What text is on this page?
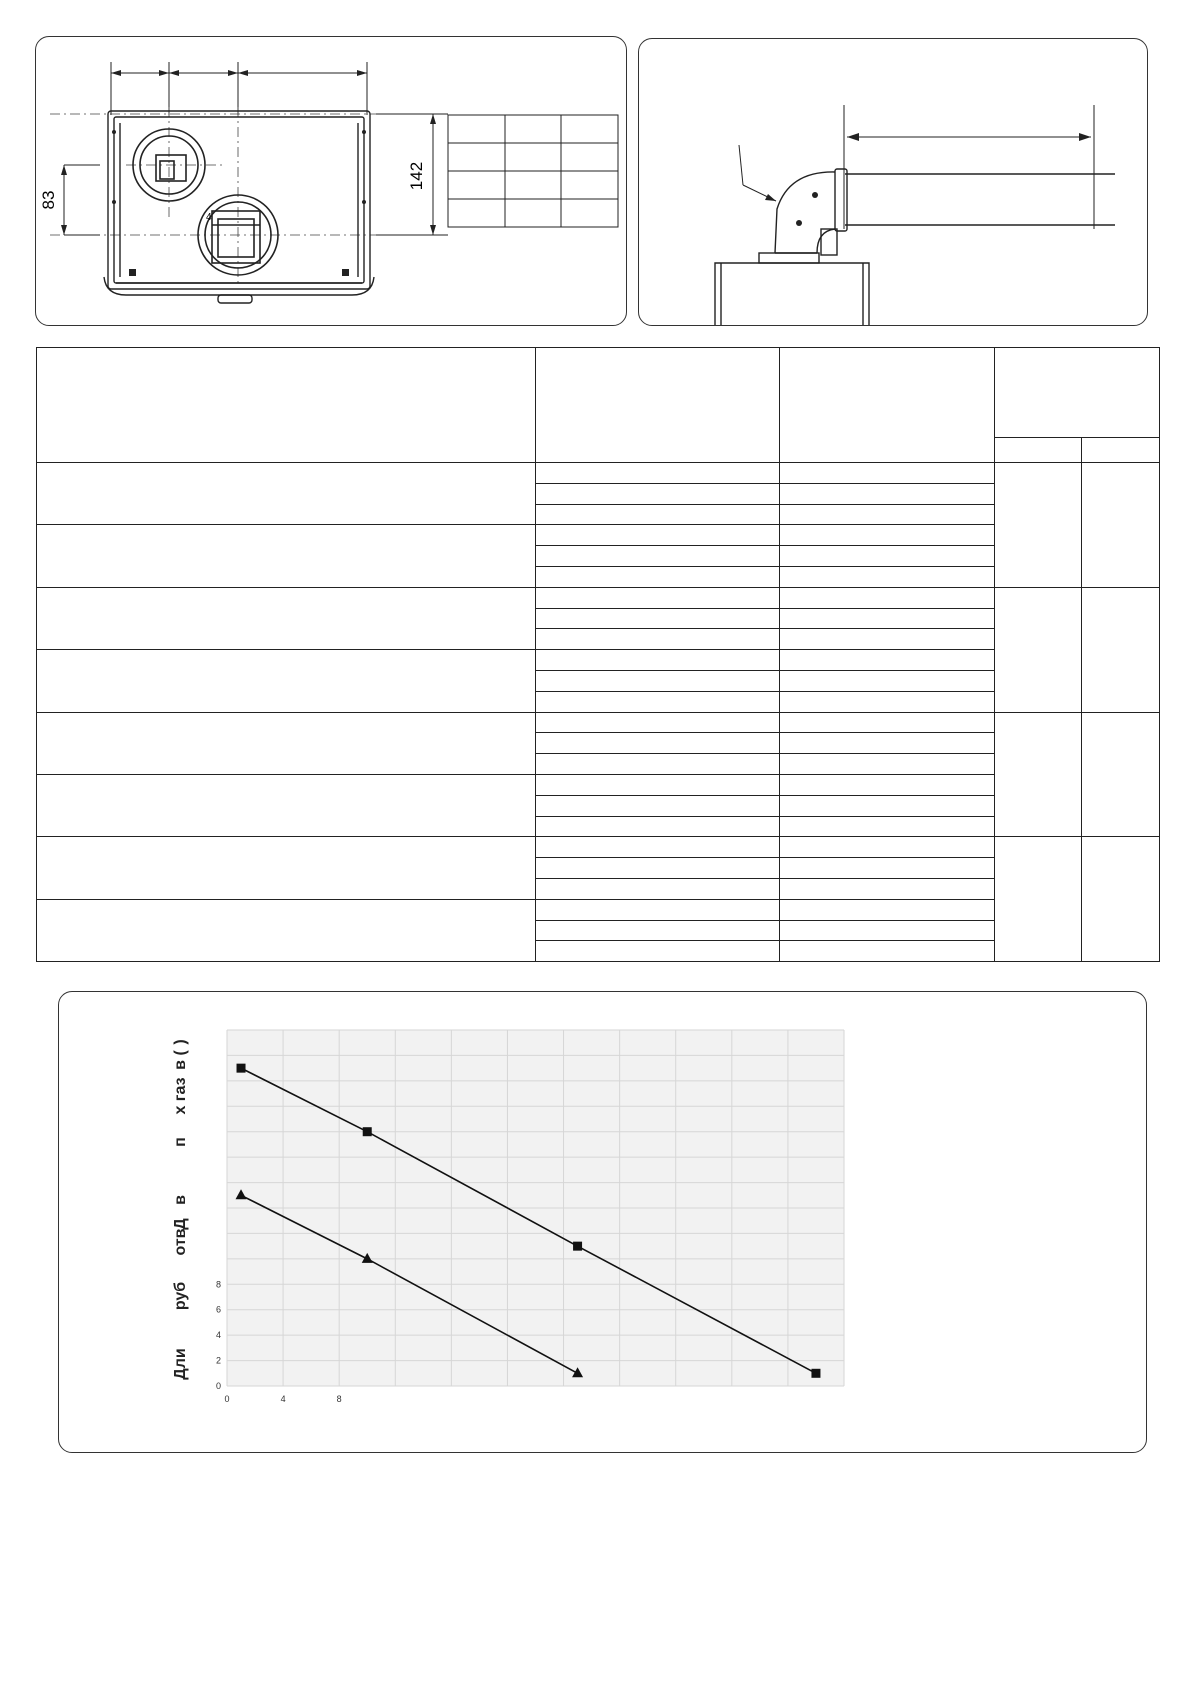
83
142
4

Дли
руб
отв
Д
в
п
х газ
в (
)
0	4	8
0
2
4
6
8
